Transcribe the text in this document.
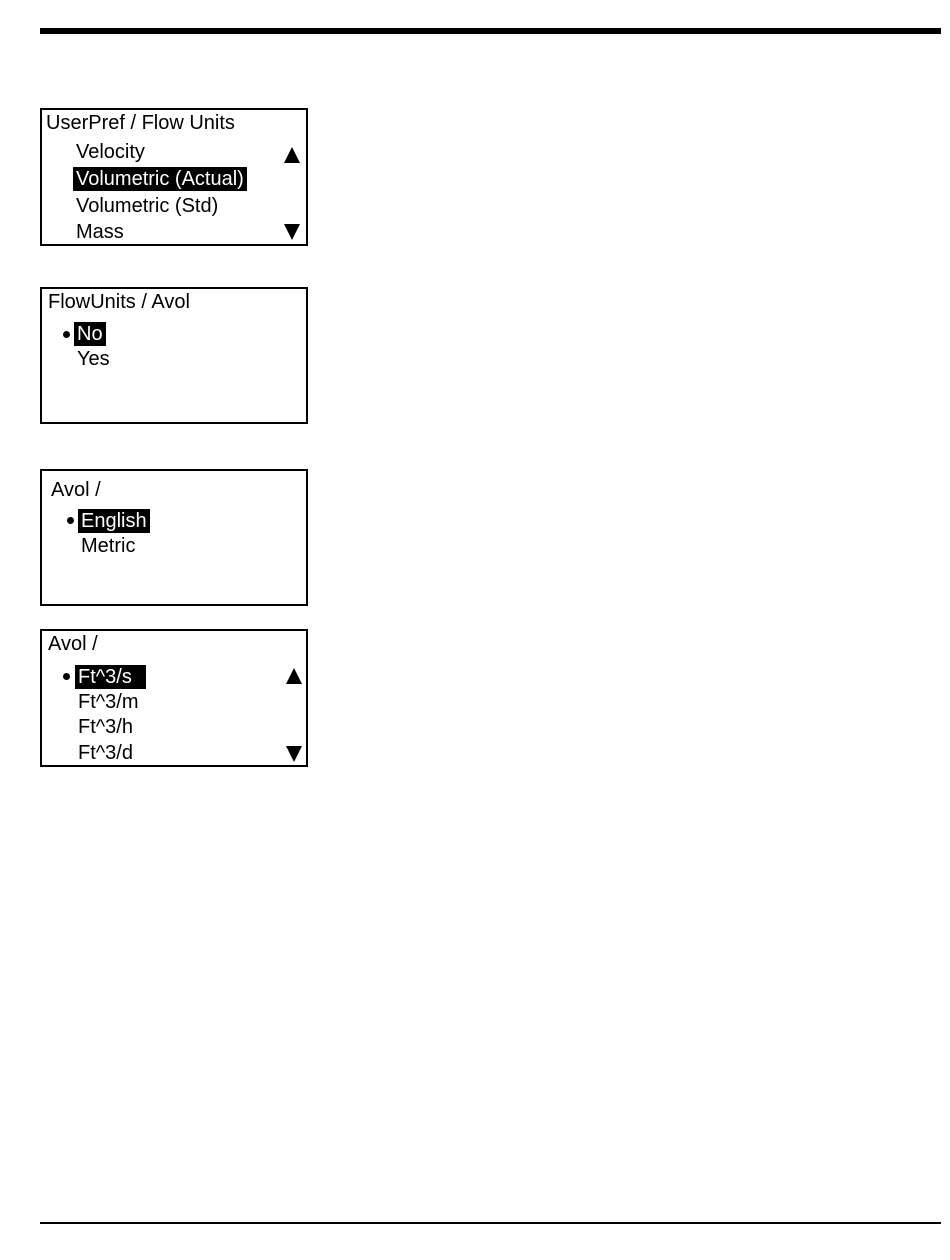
UserPref / Flow Units
Velocity
Volumetric (Actual)
Volumetric (Std)
Mass
FlowUnits / Avol
No
Yes
Avol /
English
Metric
Avol /
Ft^3/s
Ft^3/m
Ft^3/h
Ft^3/d
